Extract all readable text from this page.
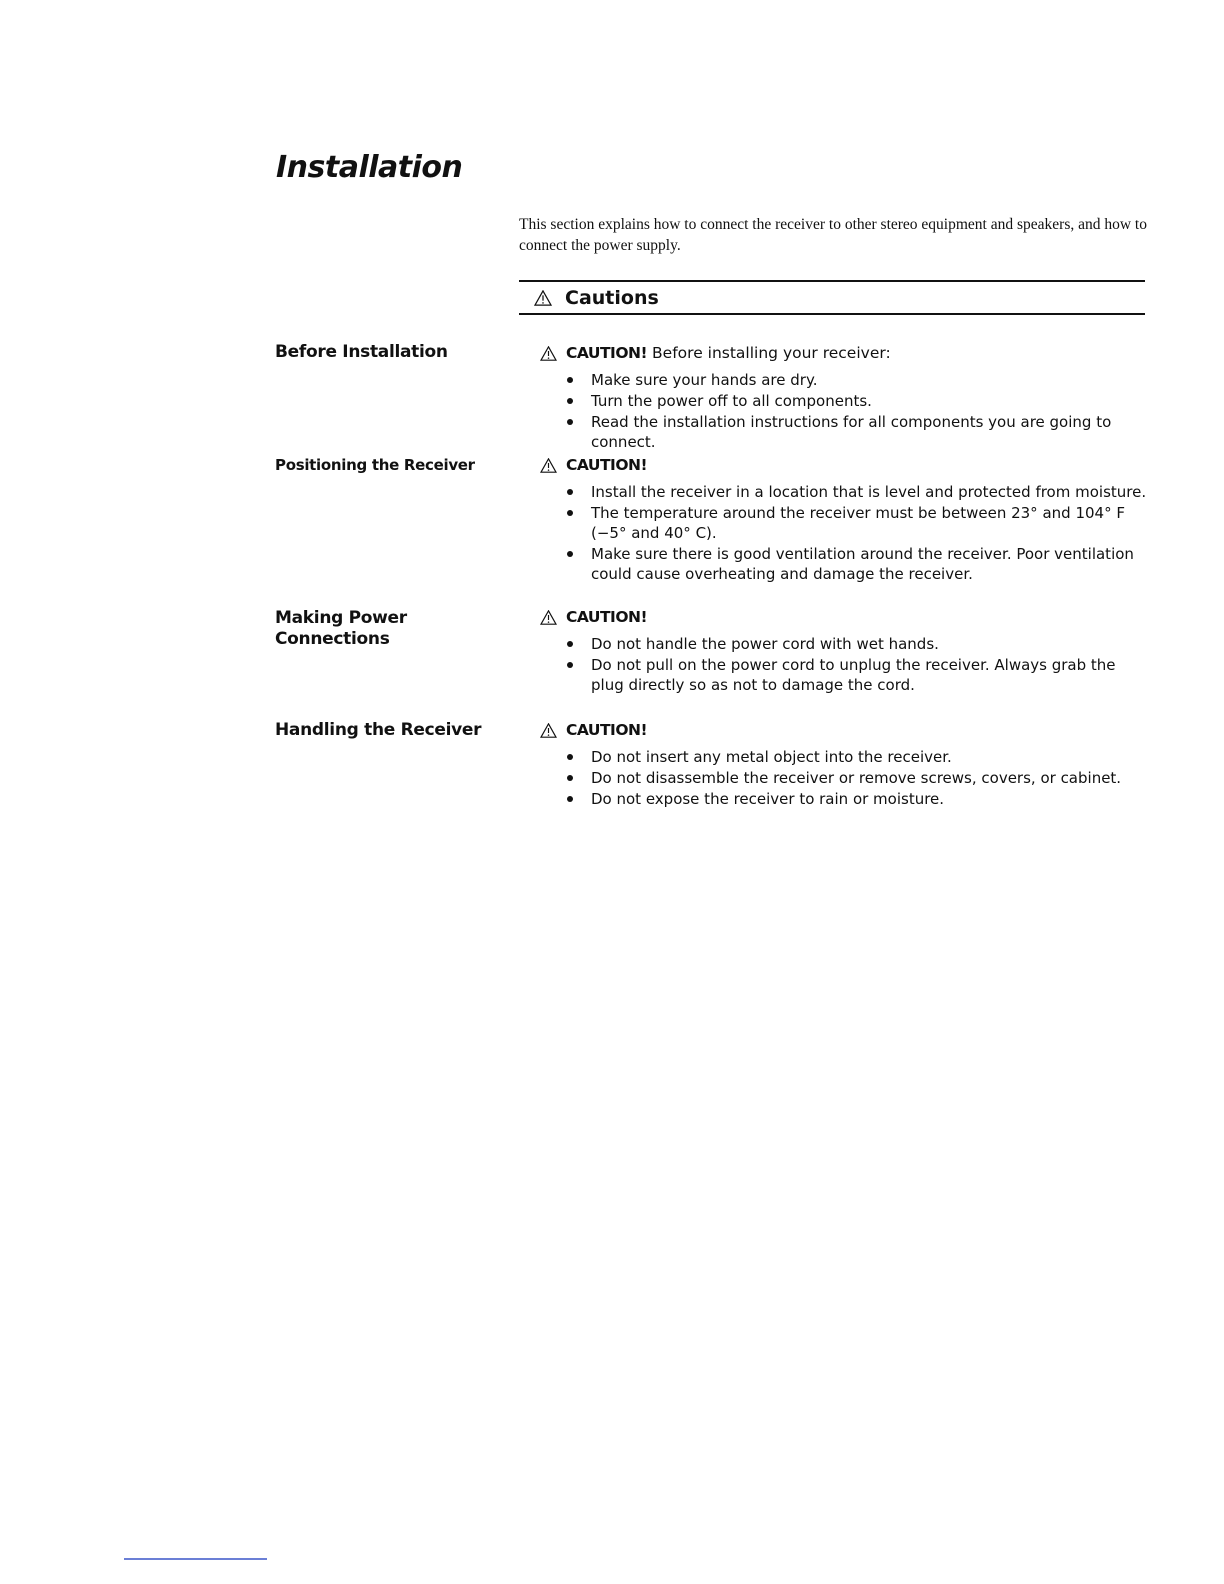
Installation

This section explains how to connect the receiver to other stereo equipment and speakers, and how to connect the power supply.

Cautions
Before Installation	CAUTION! Before installing your receiver:
Make sure your hands are dry.
Turn the power off to all components.
Read the installation instructions for all components you are going to connect.
Positioning the Receiver	CAUTION!
Install the receiver in a location that is level and protected from moisture.
The temperature around the receiver must be between 23° and 104° F (−5° and 40° C).
Make sure there is good ventilation around the receiver. Poor ventilation could cause overheating and damage the receiver.
Making Power Connections
CAUTION!
Do not handle the power cord with wet hands.
Do not pull on the power cord to unplug the receiver. Always grab the plug directly so as not to damage the cord.
Handling the Receiver	CAUTION!
Do not insert any metal object into the receiver.
Do not disassemble the receiver or remove screws, covers, or cabinet.
Do not expose the receiver to rain or moisture.
